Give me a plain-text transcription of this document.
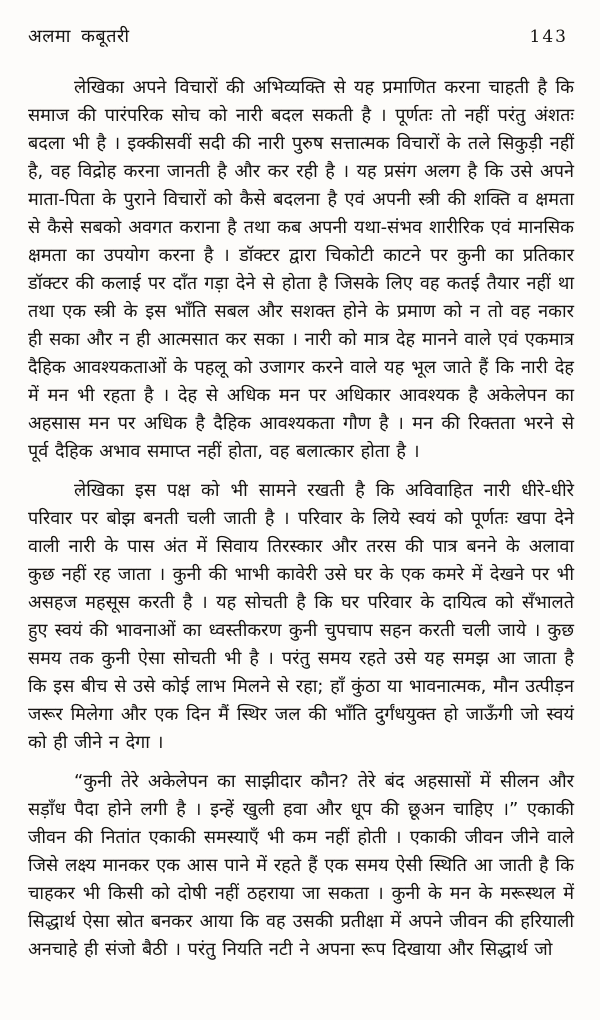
अलमा कबूतरी	143

लेखिका अपने विचारों की अभिव्यक्ति से यह प्रमाणित करना चाहती है कि समाज की पारंपरिक सोच को नारी बदल सकती है । पूर्णतः तो नहीं परंतु अंशतः बदला भी है । इक्कीसवीं सदी की नारी पुरुष सत्तात्मक विचारों के तले सिकुड़ी नहीं है, वह विद्रोह करना जानती है और कर रही है । यह प्रसंग अलग है कि उसे अपने माता-पिता के पुराने विचारों को कैसे बदलना है एवं अपनी स्त्री की शक्ति व क्षमता से कैसे सबको अवगत कराना है तथा कब अपनी यथा-संभव शारीरिक एवं मानसिक क्षमता का उपयोग करना है । डॉक्टर द्वारा चिकोटी काटने पर कुनी का प्रतिकार डॉक्टर की कलाई पर दाँत गड़ा देने से होता है जिसके लिए वह कतई तैयार नहीं था तथा एक स्त्री के इस भाँति सबल और सशक्त होने के प्रमाण को न तो वह नकार ही सका और न ही आत्मसात कर सका । नारी को मात्र देह मानने वाले एवं एकमात्र दैहिक आवश्यकताओं के पहलू को उजागर करने वाले यह भूल जाते हैं कि नारी देह में मन भी रहता है । देह से अधिक मन पर अधिकार आवश्यक है अकेलेपन का अहसास मन पर अधिक है दैहिक आवश्यकता गौण है । मन की रिक्तता भरने से पूर्व दैहिक अभाव समाप्त नहीं होता, वह बलात्कार होता है ।

लेखिका इस पक्ष को भी सामने रखती है कि अविवाहित नारी धीरे-धीरे परिवार पर बोझ बनती चली जाती है । परिवार के लिये स्वयं को पूर्णतः खपा देने वाली नारी के पास अंत में सिवाय तिरस्कार और तरस की पात्र बनने के अलावा कुछ नहीं रह जाता । कुनी की भाभी कावेरी उसे घर के एक कमरे में देखने पर भी असहज महसूस करती है । यह सोचती है कि घर परिवार के दायित्व को सँभालते हुए स्वयं की भावनाओं का ध्वस्तीकरण कुनी चुपचाप सहन करती चली जाये । कुछ समय तक कुनी ऐसा सोचती भी है । परंतु समय रहते उसे यह समझ आ जाता है कि इस बीच से उसे कोई लाभ मिलने से रहा; हाँ कुंठा या भावनात्मक, मौन उत्पीड़न जरूर मिलेगा और एक दिन मैं स्थिर जल की भाँति दुर्गंधयुक्त हो जाऊँगी जो स्वयं को ही जीने न देगा ।

“कुनी तेरे अकेलेपन का साझीदार कौन? तेरे बंद अहसासों में सीलन और सड़ाँध पैदा होने लगी है । इन्हें खुली हवा और धूप की छूअन चाहिए ।” एकाकी जीवन की नितांत एकाकी समस्याएँ भी कम नहीं होती । एकाकी जीवन जीने वाले जिसे लक्ष्य मानकर एक आस पाने में रहते हैं एक समय ऐसी स्थिति आ जाती है कि चाहकर भी किसी को दोषी नहीं ठहराया जा सकता । कुनी के मन के मरूस्थल में सिद्धार्थ ऐसा स्रोत बनकर आया कि वह उसकी प्रतीक्षा में अपने जीवन की हरियाली अनचाहे ही संजो बैठी । परंतु नियति नटी ने अपना रूप दिखाया और सिद्धार्थ जो
